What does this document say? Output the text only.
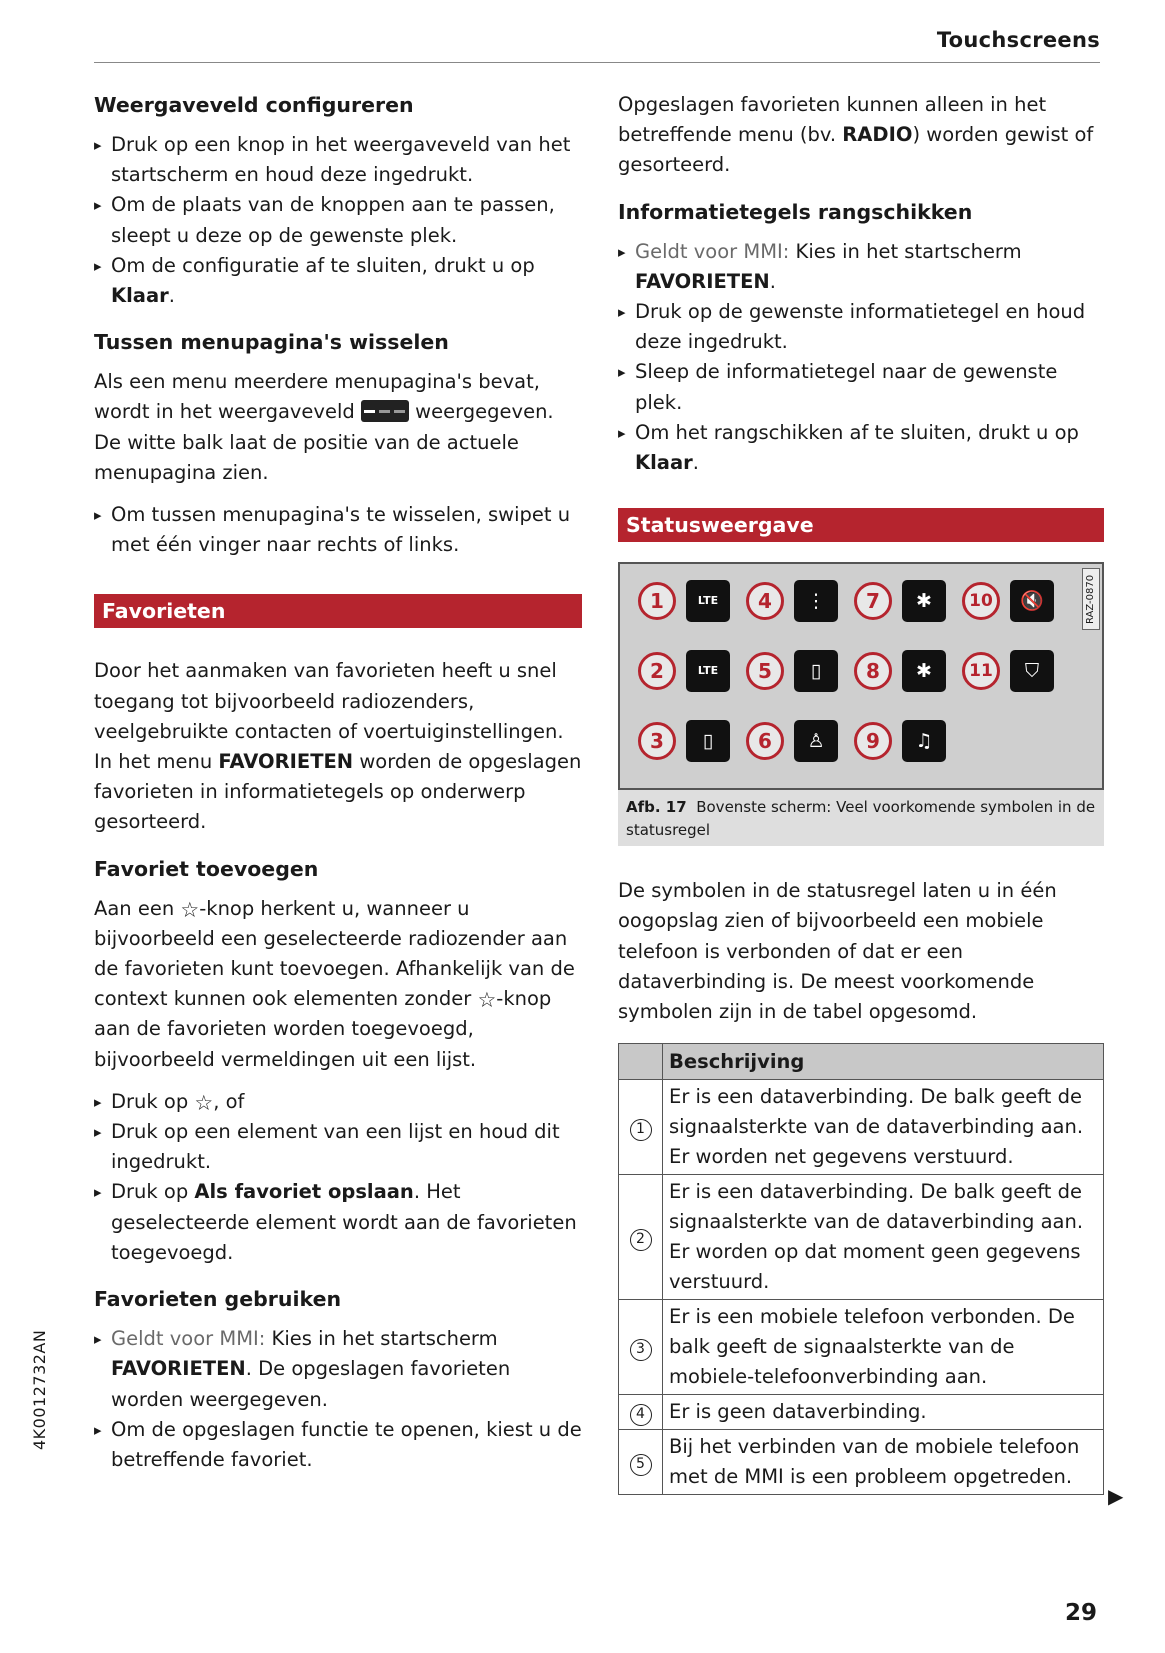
Touchscreens
Weergaveveld configureren
▸ Druk op een knop in het weergaveveld van het startscherm en houd deze ingedrukt.
▸ Om de plaats van de knoppen aan te passen, sleept u deze op de gewenste plek.
▸ Om de configuratie af te sluiten, drukt u op Klaar.
Tussen menupagina's wisselen

Als een menu meerdere menupagina's bevat, wordt in het weergaveveld	weergegeven. De witte balk laat de positie van de actuele menupagina zien.

▸ Om tussen menupagina's te wisselen, swipet u met één vinger naar rechts of links.
Favorieten

Door het aanmaken van favorieten heeft u snel toegang tot bijvoorbeeld radiozenders, veelgebruikte contacten of voertuiginstellingen. In het menu FAVORIETEN worden de opgeslagen favorieten in informatietegels op onderwerp gesorteerd.

Favoriet toevoegen

Aan een ☆-knop herkent u, wanneer u bijvoorbeeld een geselecteerde radiozender aan de favorieten kunt toevoegen. Afhankelijk van de context kunnen ook elementen zonder ☆-knop aan de favorieten worden toegevoegd, bijvoorbeeld vermeldingen uit een lijst.

▸ Druk op ☆, of
▸ Druk op een element van een lijst en houd dit ingedrukt.
▸ Druk op Als favoriet opslaan. Het geselecteerde element wordt aan de favorieten toegevoegd.
Favorieten gebruiken
▸ Geldt voor MMI: Kies in het startscherm FAVORIETEN. De opgeslagen favorieten worden weergegeven.
▸ Om de opgeslagen functie te openen, kiest u de betreffende favoriet.

Opgeslagen favorieten kunnen alleen in het betreffende menu (bv. RADIO) worden gewist of gesorteerd.

Informatietegels rangschikken
▸ Geldt voor MMI: Kies in het startscherm FAVORIETEN.
▸ Druk op de gewenste informatietegel en houd deze ingedrukt.
▸ Sleep de informatietegel naar de gewenste plek.
▸ Om het rangschikken af te sluiten, drukt u op Klaar.
Statusweergave
RAZ-0870
1	LTE	4	⋮	7	✱	10	🔇
2	LTE	5	▯	8	✱	11	⛉
3	▯	6	♙	9	♫
Afb. 17 Bovenste scherm: Veel voorkomende symbolen in de statusregel

De symbolen in de statusregel laten u in één oogopslag zien of bijvoorbeeld een mobiele telefoon is verbonden of dat er een dataverbinding is. De meest voorkomende symbolen zijn in de tabel opgesomd.

	Beschrijving
1	Er is een dataverbinding. De balk geeft de signaalsterkte van de dataverbinding aan. Er worden net gegevens verstuurd.
2	Er is een dataverbinding. De balk geeft de signaalsterkte van de dataverbinding aan. Er worden op dat moment geen gegevens verstuurd.
3	Er is een mobiele telefoon verbonden. De balk geeft de signaalsterkte van de mobiele-telefoonverbinding aan.
4	Er is geen dataverbinding.
5	Bij het verbinden van de mobiele telefoon met de MMI is een probleem opgetreden.
▶
4K0012732AN
29
